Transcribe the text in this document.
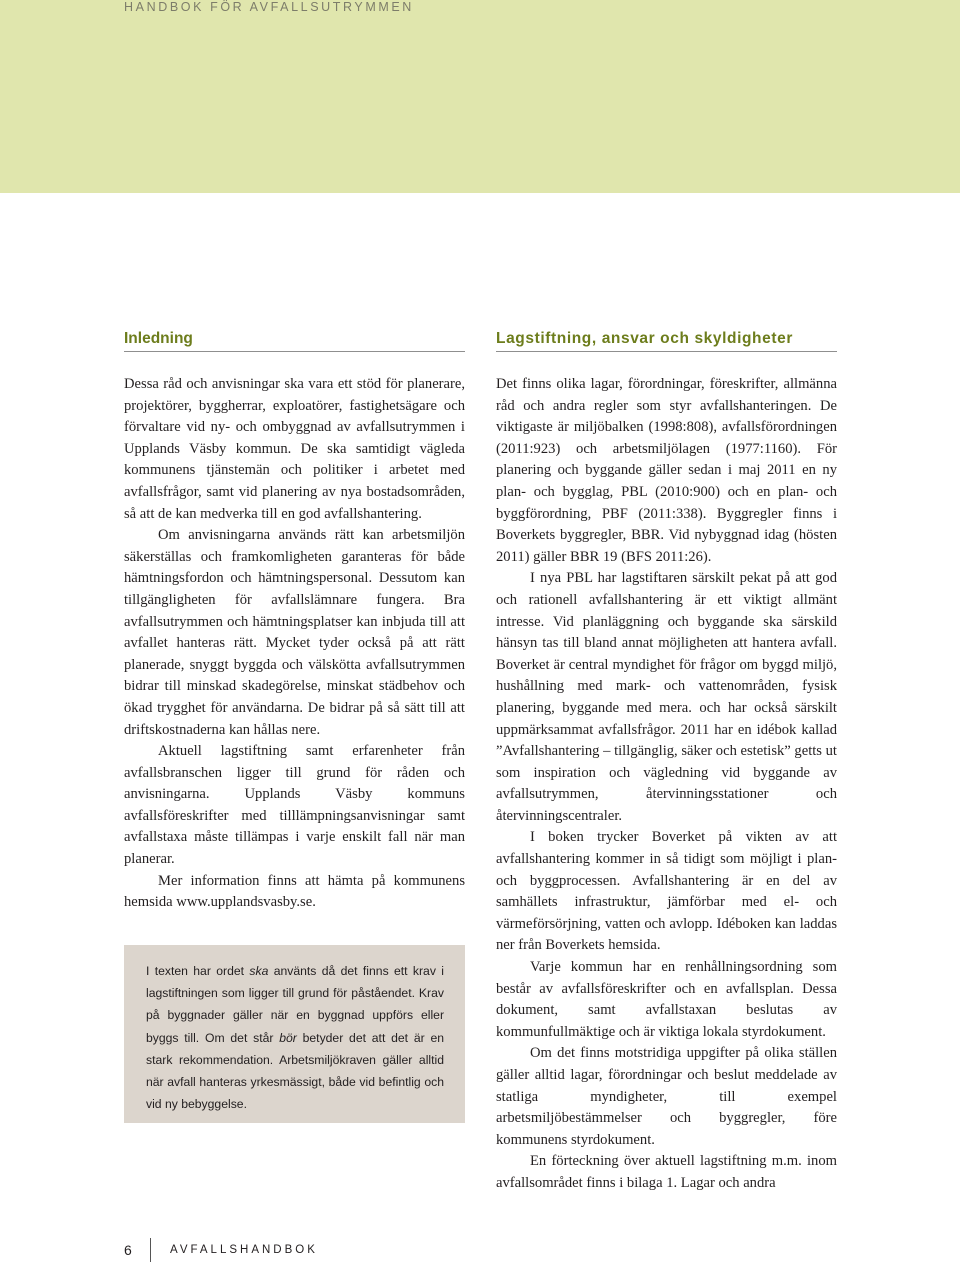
HANDBOK FÖR AVFALLSUTRYMMEN
Inledning

Dessa råd och anvisningar ska vara ett stöd för planerare, projektörer, byggherrar, exploatörer, fastighetsägare och förvaltare vid ny- och ombyggnad av avfallsutrymmen i Upplands Väsby kommun. De ska samtidigt vägleda kommunens tjänstemän och politiker i arbetet med avfallsfrågor, samt vid planering av nya bostadsområden, så att de kan medverka till en god avfallshantering.

Om anvisningarna används rätt kan arbetsmiljön säkerställas och framkomligheten garanteras för både hämtningsfordon och hämtningspersonal. Dessutom kan tillgängligheten för avfallslämnare fungera. Bra avfallsutrymmen och hämtningsplatser kan inbjuda till att avfallet hanteras rätt. Mycket tyder också på att rätt planerade, snyggt byggda och välskötta avfallsutrymmen bidrar till minskad skadegörelse, minskat städbehov och ökad trygghet för användarna. De bidrar på så sätt till att driftskostnaderna kan hållas nere.

Aktuell lagstiftning samt erfarenheter från avfallsbranschen ligger till grund för råden och anvisningarna. Upplands Väsby kommuns avfallsföreskrifter med tilllämpningsanvisningar samt avfallstaxa måste tillämpas i varje enskilt fall när man planerar.

Mer information finns att hämta på kommunens hemsida www.upplandsvasby.se.

I texten har ordet ska använts då det finns ett krav i lagstiftningen som ligger till grund för påståendet. Krav på byggnader gäller när en byggnad uppförs eller byggs till. Om det står bör betyder det att det är en stark rekommendation. Arbetsmiljökraven gäller alltid när avfall hanteras yrkesmässigt, både vid befintlig och vid ny bebyggelse.

Lagstiftning, ansvar och skyldigheter

Det finns olika lagar, förordningar, föreskrifter, allmänna råd och andra regler som styr avfallshanteringen. De viktigaste är miljöbalken (1998:808), avfallsförordningen (2011:923) och arbetsmiljölagen (1977:1160). För planering och byggande gäller sedan i maj 2011 en ny plan- och bygglag, PBL (2010:900) och en plan- och byggförordning, PBF (2011:338). Byggregler finns i Boverkets byggregler, BBR. Vid nybyggnad idag (hösten 2011) gäller BBR 19 (BFS 2011:26).

I nya PBL har lagstiftaren särskilt pekat på att god och rationell avfallshantering är ett viktigt allmänt intresse. Vid planläggning och byggande ska särskild hänsyn tas till bland annat möjligheten att hantera avfall. Boverket är central myndighet för frågor om byggd miljö, hushållning med mark- och vattenområden, fysisk planering, byggande med mera. och har också särskilt uppmärksammat avfallsfrågor. 2011 har en idébok kallad ”Avfallshantering – tillgänglig, säker och estetisk” getts ut som inspiration och vägledning vid byggande av avfallsutrymmen, återvinningsstationer och återvinningscentraler.

I boken trycker Boverket på vikten av att avfallshantering kommer in så tidigt som möjligt i plan- och byggprocessen. Avfallshantering är en del av samhällets infrastruktur, jämförbar med el- och värmeförsörjning, vatten och avlopp. Idéboken kan laddas ner från Boverkets hemsida.

Varje kommun har en renhållningsordning som består av avfallsföreskrifter och en avfallsplan. Dessa dokument, samt avfallstaxan beslutas av kommunfullmäktige och är viktiga lokala styrdokument.

Om det finns motstridiga uppgifter på olika ställen gäller alltid lagar, förordningar och beslut meddelade av statliga myndigheter, till exempel arbetsmiljöbestämmelser och byggregler, före kommunens styrdokument.

En förteckning över aktuell lagstiftning m.m. inom avfallsområdet finns i bilaga 1. Lagar och andra

6	AVFALLSHANDBOK
